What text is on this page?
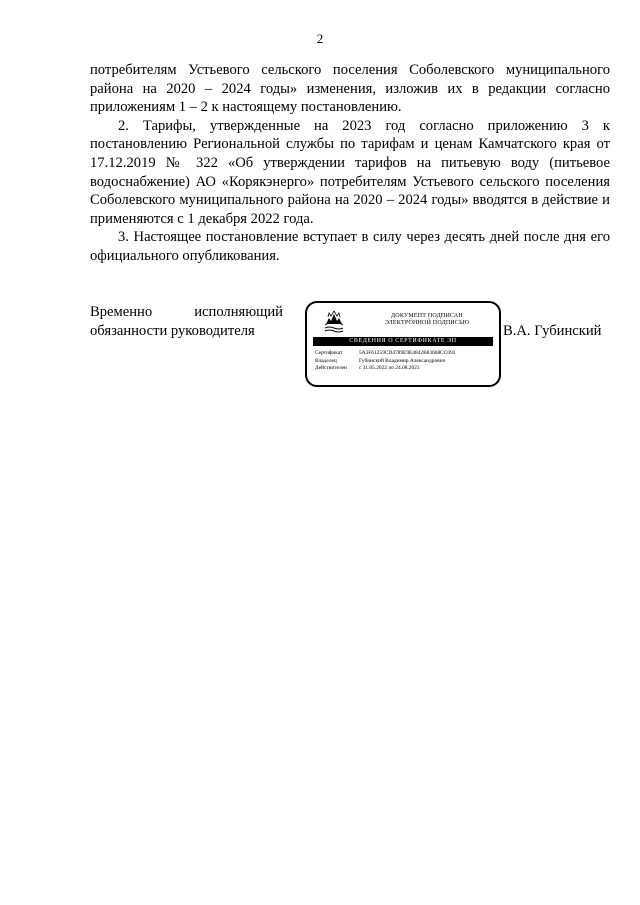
2

потребителям Устьевого сельского поселения Соболевского муниципального района на 2020 – 2024 годы» изменения, изложив их в редакции согласно приложениям 1 – 2 к настоящему постановлению.

2. Тарифы, утвержденные на 2023 год согласно приложению 3 к постановлению Региональной службы по тарифам и ценам Камчатского края от 17.12.2019 № 322 «Об утверждении тарифов на питьевую воду (питьевое водоснабжение) АО «Корякэнерго» потребителям Устьевого сельского поселения Соболевского муниципального района на 2020 – 2024 годы» вводятся в действие и применяются с 1 декабря 2022 года.

3. Настоящее постановление вступает в силу через десять дней после дня его официального опубликования.

Временно	исполняющий
обязанности руководителя
ДОКУМЕНТ ПОДПИСАН
ЭЛЕКТРОННОЙ ПОДПИСЬЮ
СВЕДЕНИЯ О СЕРТИФИКАТЕ ЭП
Сертификат	5A3F61259CD4789E9E4842B83668CC092
Владелец	Губинский Владимир Александрович
Действителен	с 31.05.2022 по 24.08.2023
В.А. Губинский
